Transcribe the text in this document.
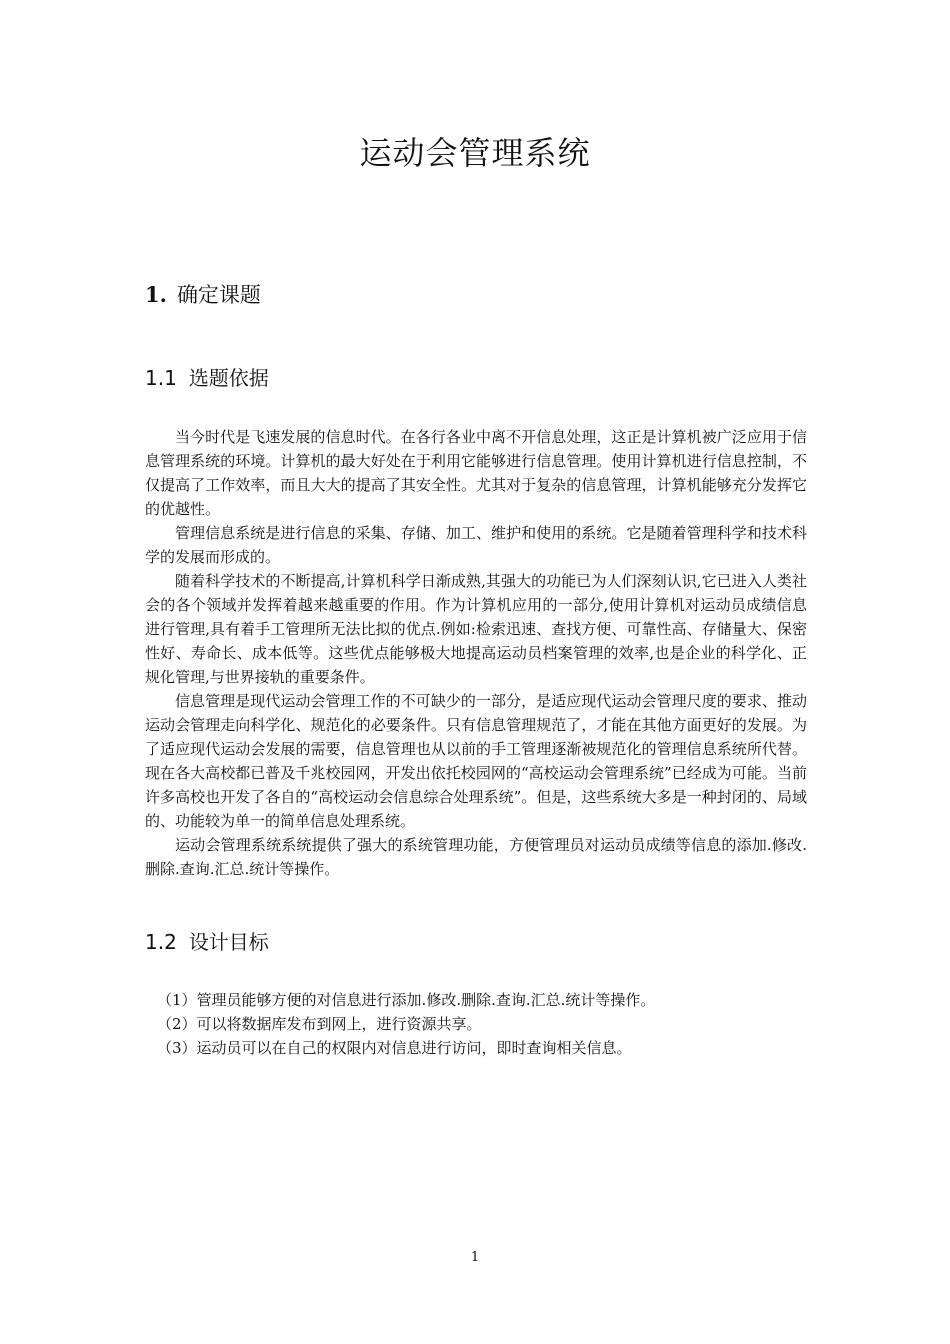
运动会管理系统
1. 确定课题
1.1 选题依据

当今时代是飞速发展的信息时代。在各行各业中离不开信息处理，这正是计算机被广泛应用于信息管理系统的环境。计算机的最大好处在于利用它能够进行信息管理。使用计算机进行信息控制，不仅提高了工作效率，而且大大的提高了其安全性。尤其对于复杂的信息管理，计算机能够充分发挥它的优越性。

管理信息系统是进行信息的采集、存储、加工、维护和使用的系统。它是随着管理科学和技术科学的发展而形成的。

随着科学技术的不断提高,计算机科学日渐成熟,其强大的功能已为人们深刻认识,它已进入人类社会的各个领域并发挥着越来越重要的作用。作为计算机应用的一部分,使用计算机对运动员成绩信息进行管理,具有着手工管理所无法比拟的优点.例如:检索迅速、查找方便、可靠性高、存储量大、保密性好、寿命长、成本低等。这些优点能够极大地提高运动员档案管理的效率,也是企业的科学化、正规化管理,与世界接轨的重要条件。

信息管理是现代运动会管理工作的不可缺少的一部分，是适应现代运动会管理尺度的要求、推动运动会管理走向科学化、规范化的必要条件。只有信息管理规范了，才能在其他方面更好的发展。为了适应现代运动会发展的需要，信息管理也从以前的手工管理逐渐被规范化的管理信息系统所代替。现在各大高校都已普及千兆校园网，开发出依托校园网的“高校运动会管理系统”已经成为可能。当前许多高校也开发了各自的“高校运动会信息综合处理系统”。但是，这些系统大多是一种封闭的、局域的、功能较为单一的简单信息处理系统。

运动会管理系统系统提供了强大的系统管理功能，方便管理员对运动员成绩等信息的添加.修改.删除.查询.汇总.统计等操作。

1.2 设计目标
（1）管理员能够方便的对信息进行添加.修改.删除.查询.汇总.统计等操作。
（2）可以将数据库发布到网上，进行资源共享。
（3）运动员可以在自己的权限内对信息进行访问，即时查询相关信息。
1
